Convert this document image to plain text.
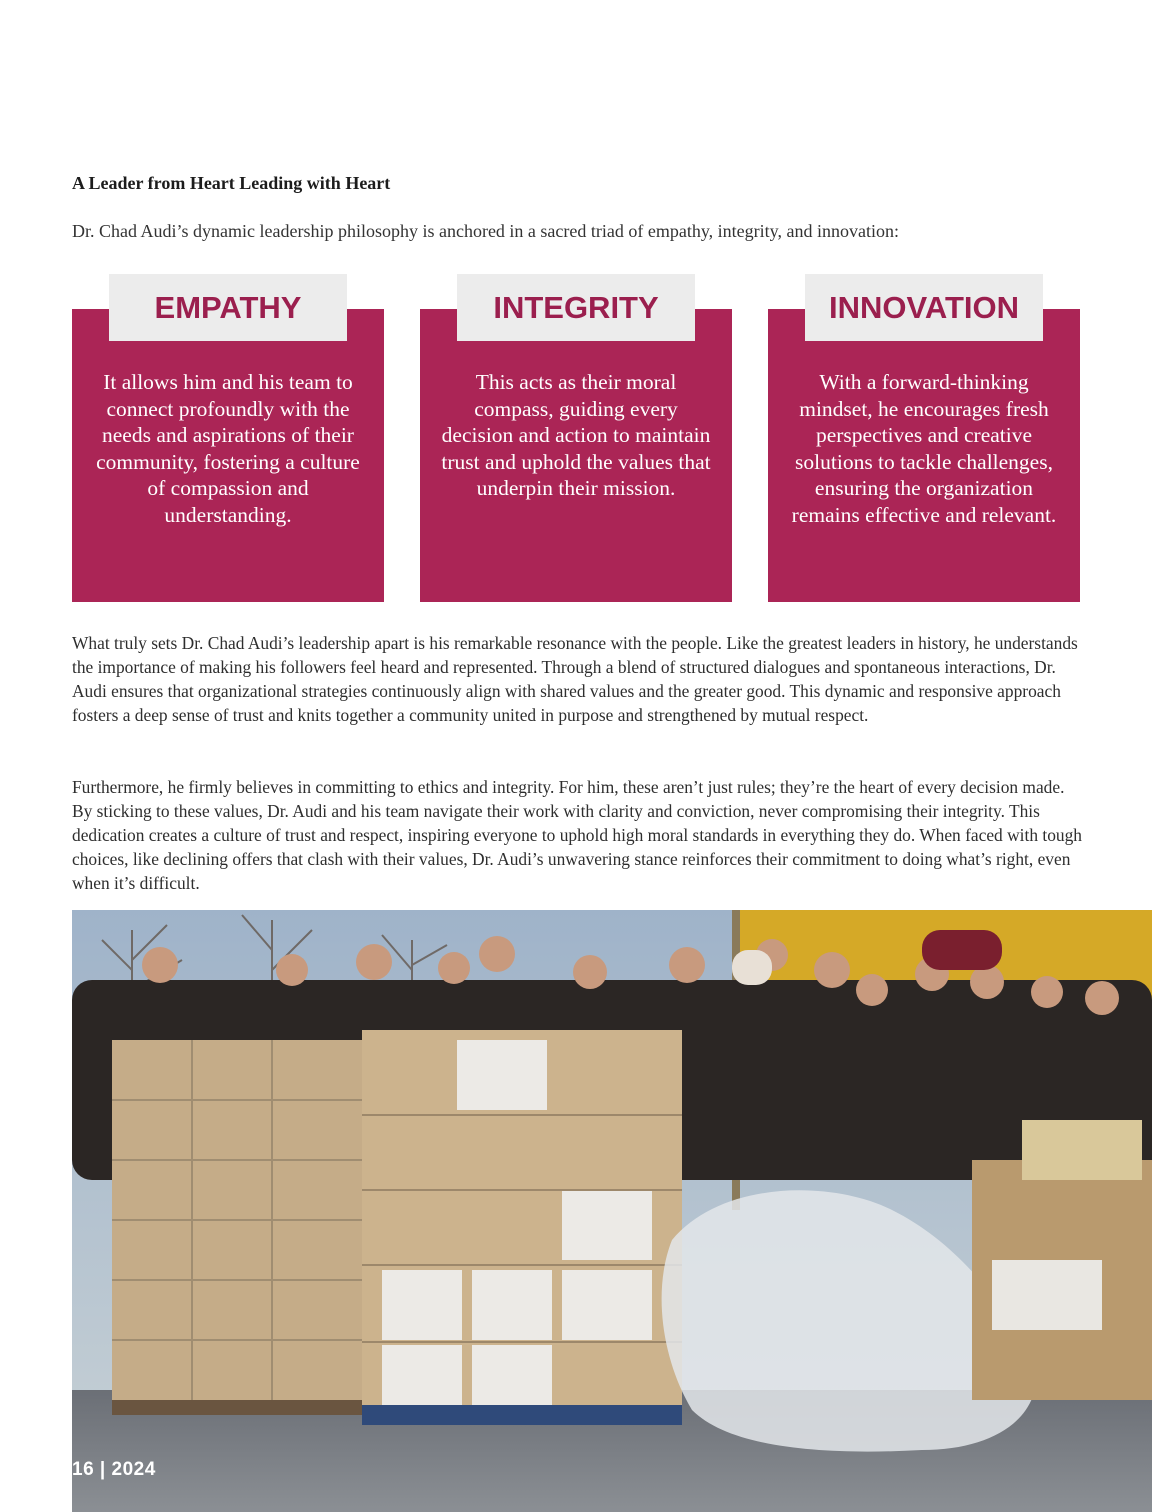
A Leader from Heart Leading with Heart
Dr. Chad Audi’s dynamic leadership philosophy is anchored in a sacred triad of empathy, integrity, and innovation:
EMPATHY
It allows him and his team to connect profoundly with the needs and aspirations of their community, fostering a culture of compassion and understanding.
INTEGRITY
This acts as their moral compass, guiding every decision and action to maintain trust and uphold the values that underpin their mission.
INNOVATION
With a forward-thinking mindset, he encourages fresh perspectives and creative solutions to tackle challenges, ensuring the organization remains effective and relevant.
What truly sets Dr. Chad Audi’s leadership apart is his remarkable resonance with the people. Like the greatest leaders in history, he understands the importance of making his followers feel heard and represented. Through a blend of structured dialogues and spontaneous interactions, Dr. Audi ensures that organizational strategies continuously align with shared values and the greater good. This dynamic and responsive approach fosters a deep sense of trust and knits together a community united in purpose and strengthened by mutual respect.
Furthermore, he firmly believes in committing to ethics and integrity. For him, these aren’t just rules; they’re the heart of every decision made. By sticking to these values, Dr. Audi and his team navigate their work with clarity and conviction, never compromising their integrity. This dedication creates a culture of trust and respect, inspiring everyone to uphold high moral standards in everything they do. When faced with tough choices, like declining offers that clash with their values, Dr. Audi’s unwavering stance reinforces their commitment to doing what’s right, even when it’s difficult.
16 | 2024
